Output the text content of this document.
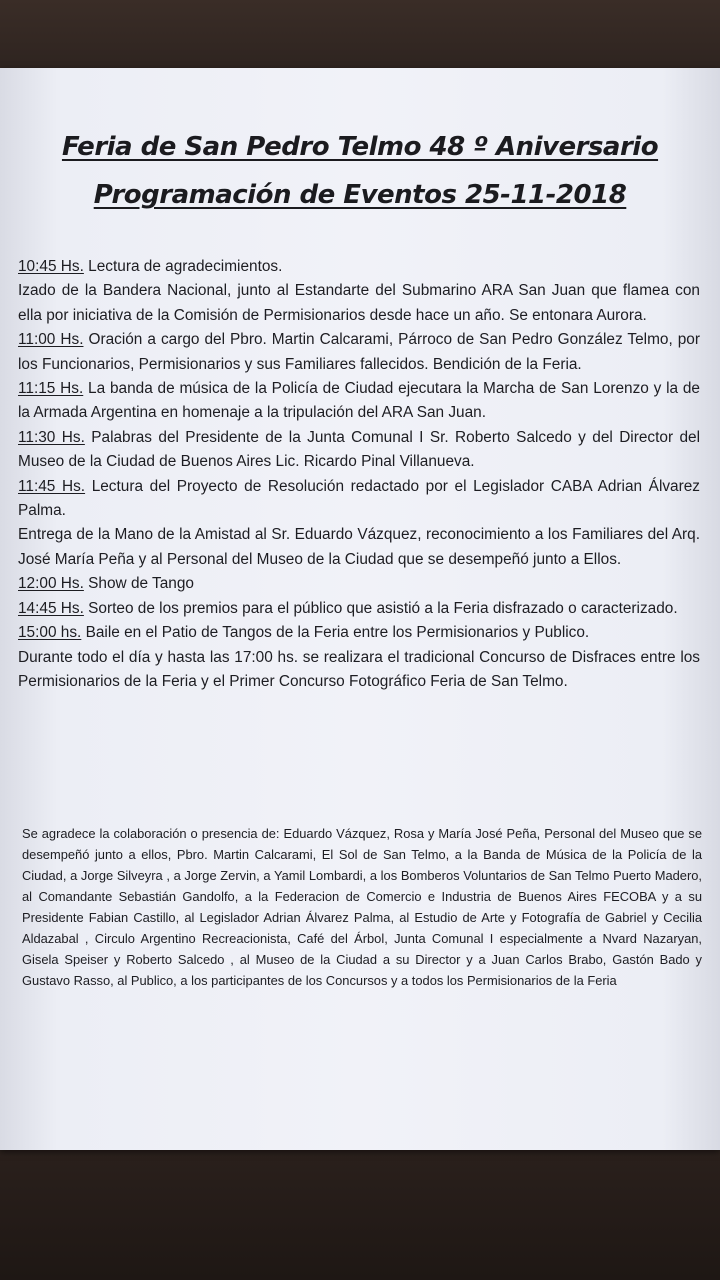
Feria de San Pedro Telmo 48 º Aniversario
Programación de Eventos 25-11-2018

10:45 Hs. Lectura de agradecimientos.

Izado de la Bandera Nacional, junto al Estandarte del Submarino ARA San Juan que flamea con ella por iniciativa de la Comisión de Permisionarios desde hace un año. Se entonara Aurora.

11:00 Hs. Oración a cargo del Pbro. Martin Calcarami, Párroco de San Pedro González Telmo, por los Funcionarios, Permisionarios y sus Familiares fallecidos. Bendición de la Feria.

11:15 Hs. La banda de música de la Policía de Ciudad ejecutara la Marcha de San Lorenzo y la de la Armada Argentina en homenaje a la tripulación del ARA San Juan.

11:30 Hs. Palabras del Presidente de la Junta Comunal I Sr. Roberto Salcedo y del Director del Museo de la Ciudad de Buenos Aires Lic. Ricardo Pinal Villanueva.

11:45 Hs. Lectura del Proyecto de Resolución redactado por el Legislador CABA Adrian Álvarez Palma.

Entrega de la Mano de la Amistad al Sr. Eduardo Vázquez, reconocimiento a los Familiares del Arq. José María Peña y al Personal del Museo de la Ciudad que se desempeñó junto a Ellos.

12:00 Hs. Show de Tango

14:45 Hs. Sorteo de los premios para el público que asistió a la Feria disfrazado o caracterizado.

15:00 hs. Baile en el Patio de Tangos de la Feria entre los Permisionarios y Publico.

Durante todo el día y hasta las 17:00 hs. se realizara el tradicional Concurso de Disfraces entre los Permisionarios de la Feria y el Primer Concurso Fotográfico Feria de San Telmo.

Se agradece la colaboración o presencia de: Eduardo Vázquez, Rosa y María José Peña, Personal del Museo que se desempeñó junto a ellos, Pbro. Martin Calcarami, El Sol de San Telmo, a la Banda de Música de la Policía de la Ciudad, a Jorge Silveyra , a Jorge Zervin, a Yamil Lombardi, a los Bomberos Voluntarios de San Telmo Puerto Madero, al Comandante Sebastián Gandolfo, a la Federacion de Comercio e Industria de Buenos Aires FECOBA y a su Presidente Fabian Castillo, al Legislador Adrian Álvarez Palma, al Estudio de Arte y Fotografía de Gabriel y Cecilia Aldazabal , Circulo Argentino Recreacionista, Café del Árbol, Junta Comunal I especialmente a Nvard Nazaryan, Gisela Speiser y Roberto Salcedo , al Museo de la Ciudad a su Director y a Juan Carlos Brabo, Gastón Bado y Gustavo Rasso, al Publico, a los participantes de los Concursos y a todos los Permisionarios de la Feria
